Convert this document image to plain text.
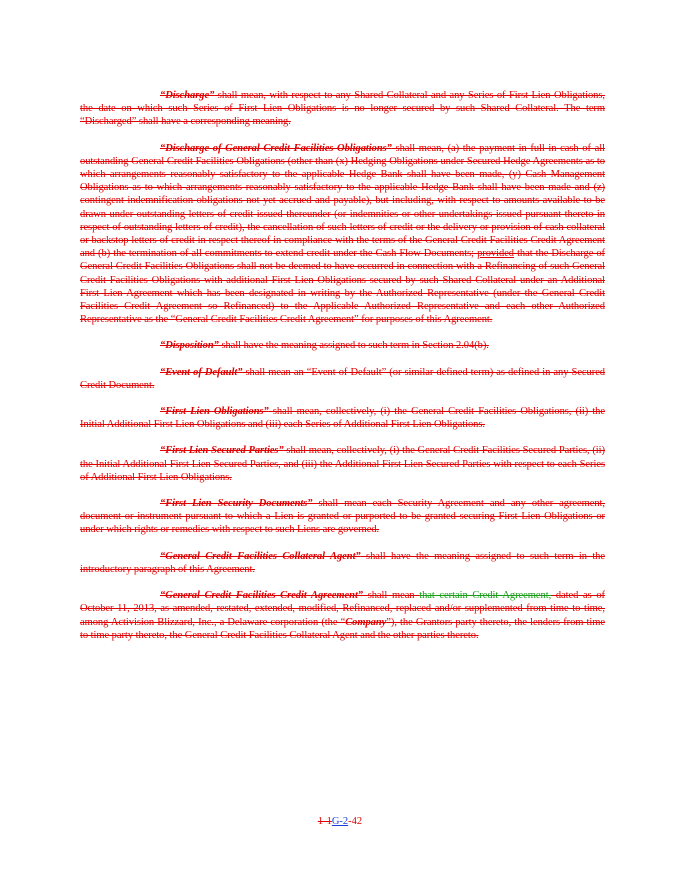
“Discharge” shall mean, with respect to any Shared Collateral and any Series of First Lien Obligations, the date on which such Series of First Lien Obligations is no longer secured by such Shared Collateral. The term “Discharged” shall have a corresponding meaning.

“Discharge of General Credit Facilities Obligations” shall mean, (a) the payment in full in cash of all outstanding General Credit Facilities Obligations (other than (x) Hedging Obligations under Secured Hedge Agreements as to which arrangements reasonably satisfactory to the applicable Hedge Bank shall have been made, (y) Cash Management Obligations as to which arrangements reasonably satisfactory to the applicable Hedge Bank shall have been made and (z) contingent indemnification obligations not yet accrued and payable), but including, with respect to amounts available to be drawn under outstanding letters of credit issued thereunder (or indemnities or other undertakings issued pursuant thereto in respect of outstanding letters of credit), the cancellation of such letters of credit or the delivery or provision of cash collateral or backstop letters of credit in respect thereof in compliance with the terms of the General Credit Facilities Credit Agreement and (b) the termination of all commitments to extend credit under the Cash Flow Documents; provided that the Discharge of General Credit Facilities Obligations shall not be deemed to have occurred in connection with a Refinancing of such General Credit Facilities Obligations with additional First Lien Obligations secured by such Shared Collateral under an Additional First Lien Agreement which has been designated in writing by the Authorized Representative (under the General Credit Facilities Credit Agreement so Refinanced) to the Applicable Authorized Representative and each other Authorized Representative as the “General Credit Facilities Credit Agreement” for purposes of this Agreement.

“Disposition” shall have the meaning assigned to such term in Section 2.04(b).

“Event of Default” shall mean an “Event of Default” (or similar defined term) as defined in any Secured Credit Document.

“First Lien Obligations” shall mean, collectively, (i) the General Credit Facilities Obligations, (ii) the Initial Additional First Lien Obligations and (iii) each Series of Additional First Lien Obligations.

“First Lien Secured Parties” shall mean, collectively, (i) the General Credit Facilities Secured Parties, (ii) the Initial Additional First Lien Secured Parties, and (iii) the Additional First Lien Secured Parties with respect to each Series of Additional First Lien Obligations.

“First Lien Security Documents” shall mean each Security Agreement and any other agreement, document or instrument pursuant to which a Lien is granted or purported to be granted securing First Lien Obligations or under which rights or remedies with respect to such Liens are governed.

“General Credit Facilities Collateral Agent” shall have the meaning assigned to such term in the introductory paragraph of this Agreement.

“General Credit Facilities Credit Agreement” shall mean that certain Credit Agreement, dated as of October 11, 2013, as amended, restated, extended, modified, Refinanced, replaced and/or supplemented from time to time, among Activision Blizzard, Inc., a Delaware corporation (the “Company”), the Grantors party thereto, the lenders from time to time party thereto, the General Credit Facilities Collateral Agent and the other parties thereto.

1-1G-2-42
